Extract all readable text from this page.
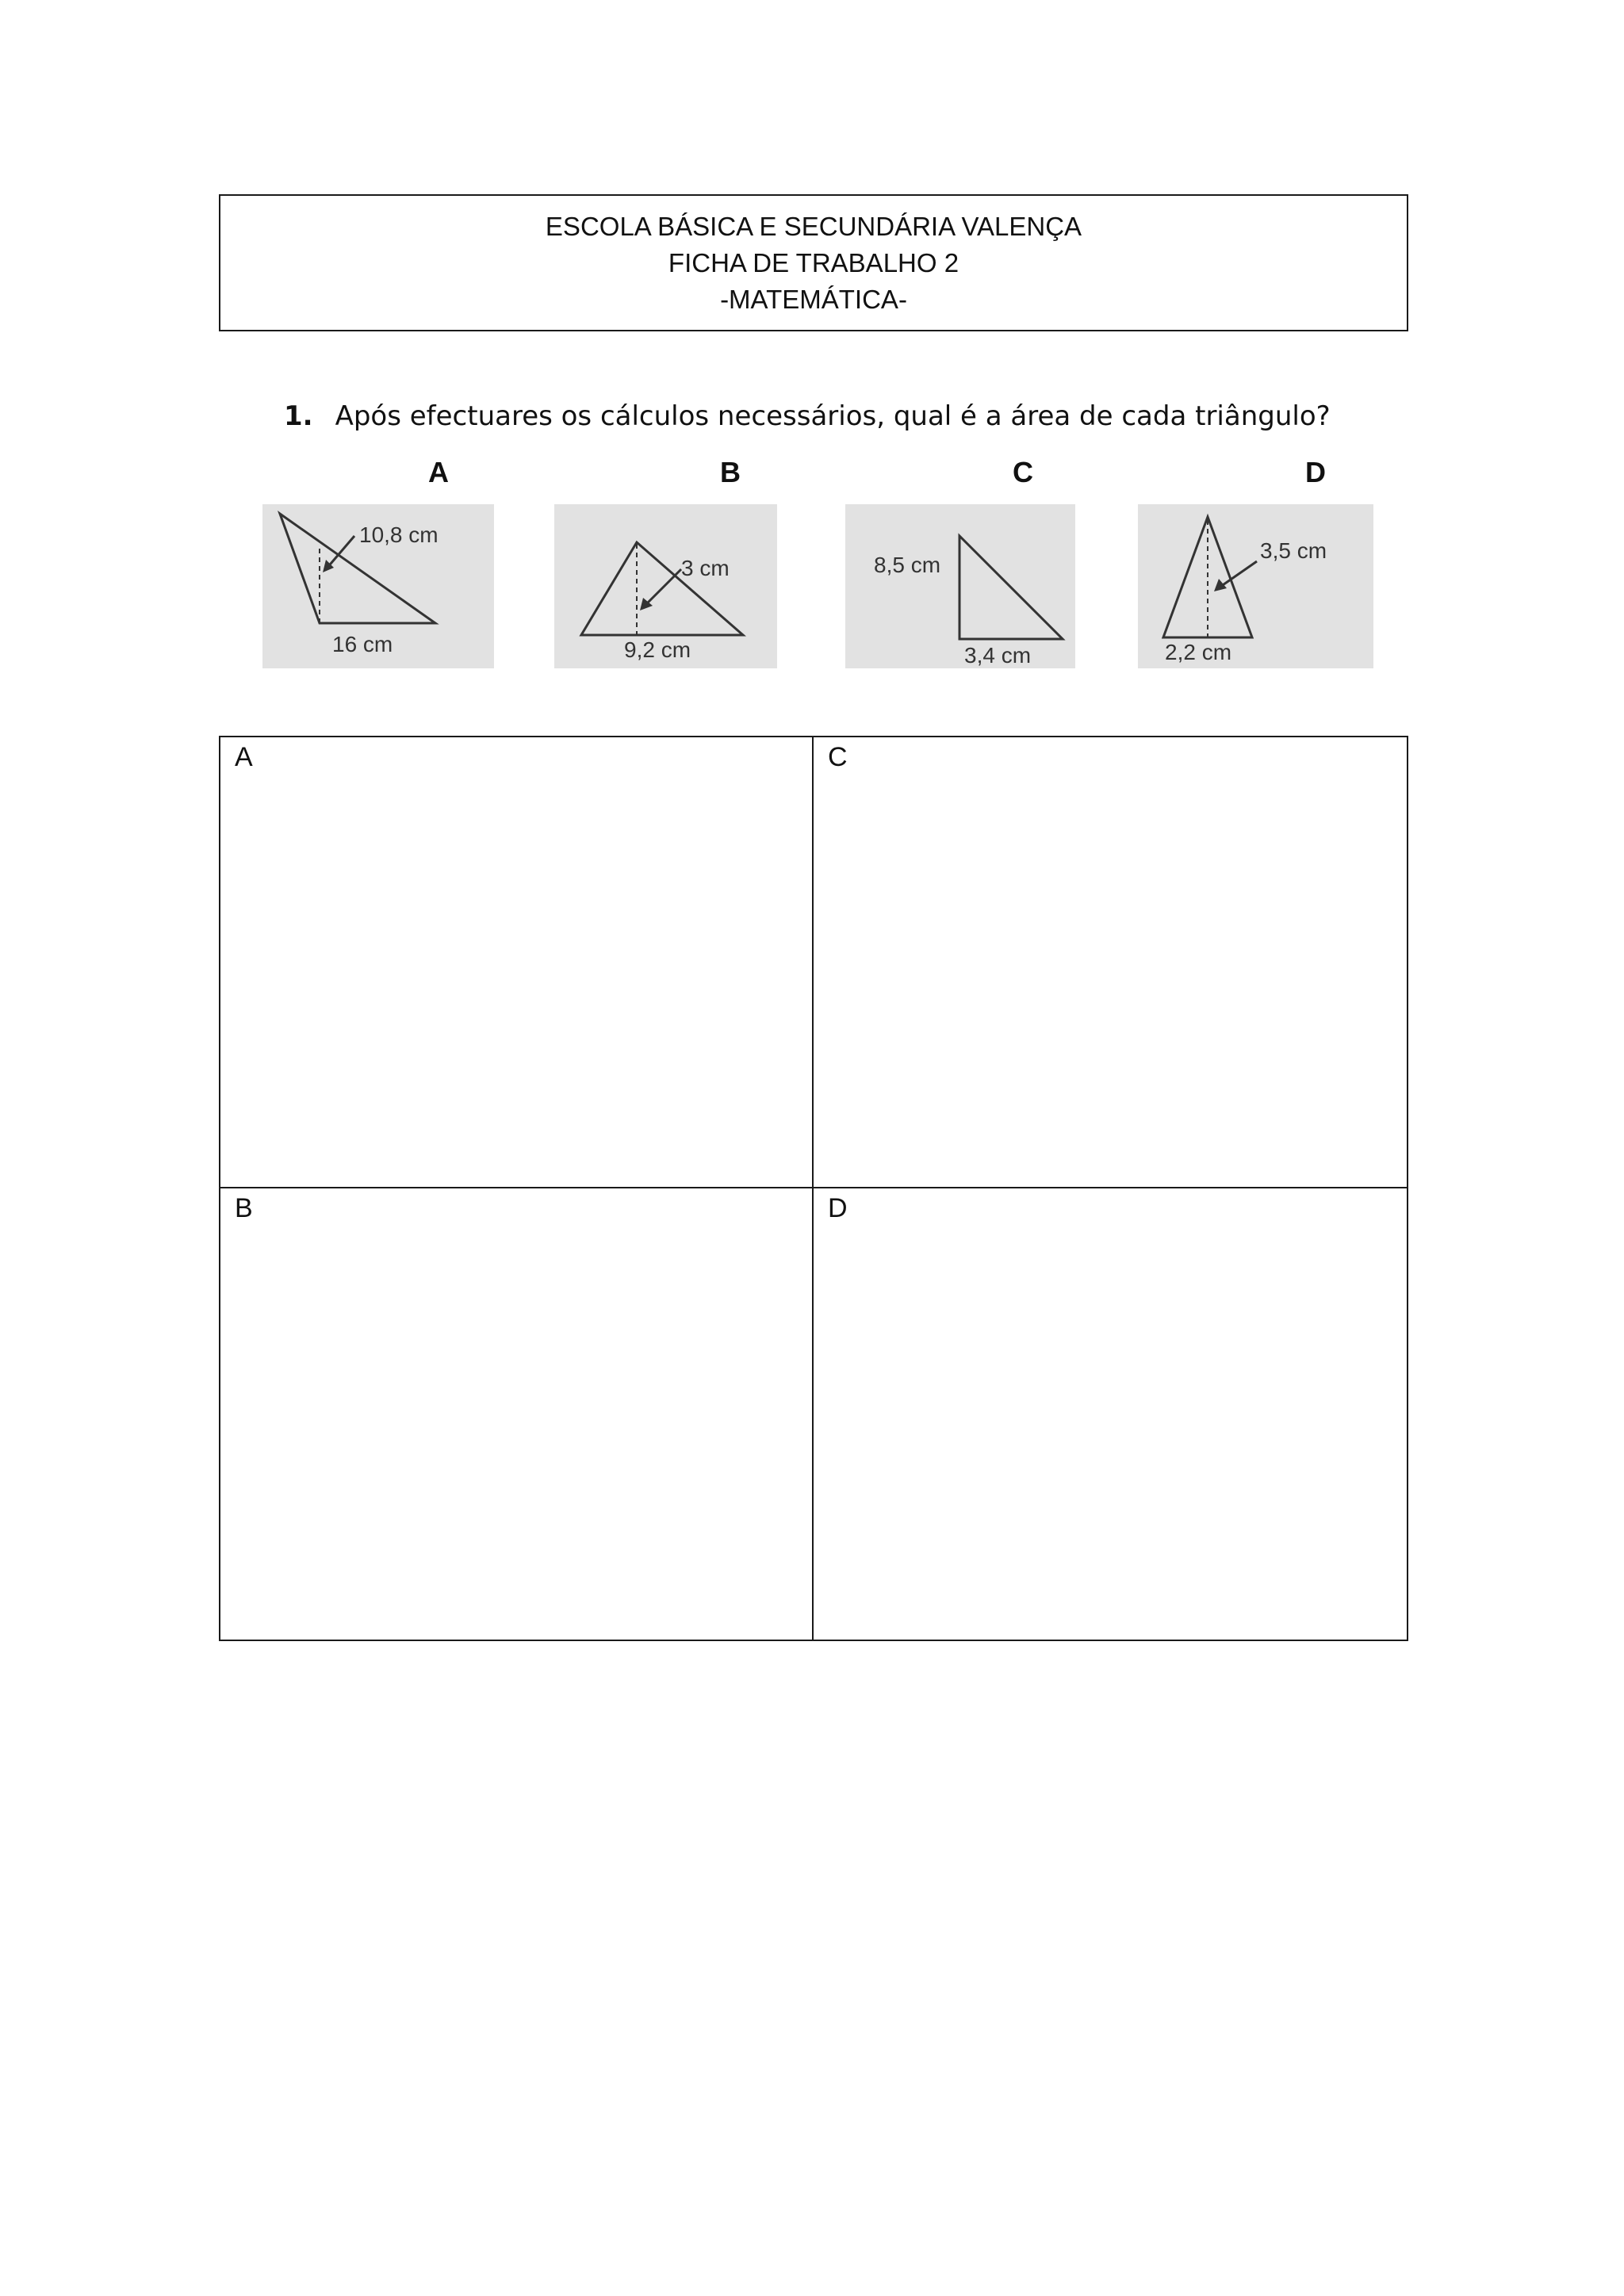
ESCOLA BÁSICA E SECUNDÁRIA VALENÇA
FICHA DE TRABALHO 2
-MATEMÁTICA-
1. Após efectuares os cálculos necessários, qual é a área de cada triângulo?
A	B	C	D
10,8 cm
16 cm
3 cm
9,2 cm
8,5 cm
3,4 cm
3,5 cm
2,2 cm
A	C
B	D
